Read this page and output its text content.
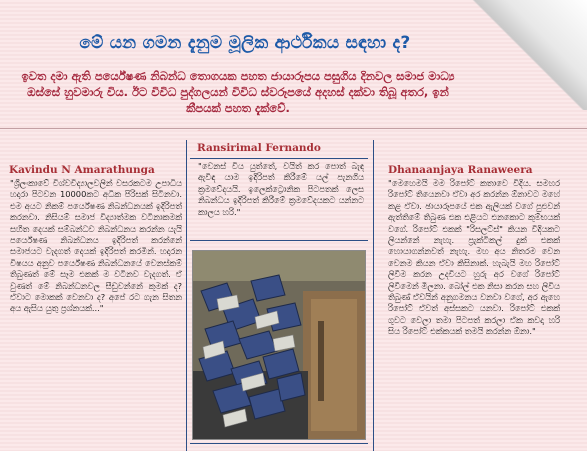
මේ යන ගමන දැනුම මූලික ආර්ථිකය සඳහා ද?
ඉවත දමා ඇති පර්යේෂණ නිබන්ධ තොගයක පහත ජායාරූපය පසුගිය දිනවල සමාජ මාධ්‍ය ඔස්සේ හුවමාරු විය. ඊට විවිධ පුද්ගලයන් විවිධ ස්වරූපයේ අදහස් දක්වා තිබූ අතර, ඉන් කීපයක් පහත දැක්වේ.
Kavindu N Amarathunga
"ශ්‍රීලංකාවේ විශ්වවිද්‍යාලවලින් වසරකටම උපාධිය හදාරා පිටවන 10000කට අධික පිරිසක් සිටිනවා. එම අයට නිකම් පර්යේෂණ නිබන්ධනයක් ඉදිරිපත් කරනවා. නිසියම් සමාජ විද්‍යාත්මක වටිනාකමක් සහිත දෙයක් සම්බන්ධව නිබන්ධනය කරන්න යැයි පර්යේෂණ නිබන්ධනය ඉදිරිපත් කරන්නේ සමාජයට වැදගත් දෙයක් ඉදිරිපත් කරමින්. හදාරන විෂයය අනුව පර්යේෂණ නිබන්ධනයේ වෙනස්කම් තිබුණත් මේ සෑම එකක් ම වටිනව වැදගත්. ඒ වුණත් මේ නිබන්ධනවල සීඩුවන්නේ කුමක් ද? ඒවාට මොකක් වෙනවා ද? අපේ රට ගැන සිතන අය ඇසිය යුතු ප්‍රශ්නයක්..."
Ransirimal Fernando
"වෙනස් විය යුත්තේ, වයිත් කර පොත් බැඳ ඇවිඳ යාම ඉදිරිපත් කිරීමේ යල් පැනගිය ක්‍රමවේදයයි. ඉලෙක්ට්‍රොනික පිටපතක් ලෙස නිබන්ධය ඉදිරිපත් කිරීමේ ක්‍රමවේදයකට යන්නට කාලය හරි."
Dhanaanjaya Ranaweera
"මෙහෙමයි මම රිපෝට් කතාවෙ විදිය. සමහර රිපෝට් තියෙනවා ඒවා අර කරන්න ඕනාවට මහේ කළ ඒවා. ඡායාරූපයේ එක ඇලියක් වගේ පුළුවන් ඇත්තිමේ තිබුණ එක එළියට එනකොට කුම්භයක් වගේ. රිපෝට් එකක් "රිසලට්ස්" කියන විදියකට ලියන්නේ නැහැ. ප්‍රැක්ටිකල් දුක් එකක් හොයාගන්නවත් නැහැ. මහ අය නිතරම වෙන වෙනම කියන ඒවා කිසිනාක්. හැබැයි මහ රිපෝට් ලිවීම කරන උදවියට හුරු අර වගේ රිපෝට් ලිවීමෙන් මිලනා. බෝල් එක නිසා කරන සහ ලිවිය තිබුණ් ඒවයින් අනුගමනය වනවා වගේ, අර ඇහෙ රිපෝට් ඒවත් අස්සකට යනවා. රිපෝට් එකක් ගුවට වෙලා තමා පිටපත් කරලා ඒක කවදා හරි සිය රිපෝට් එක්කයක් තමයි කරන්න ඕනා."
